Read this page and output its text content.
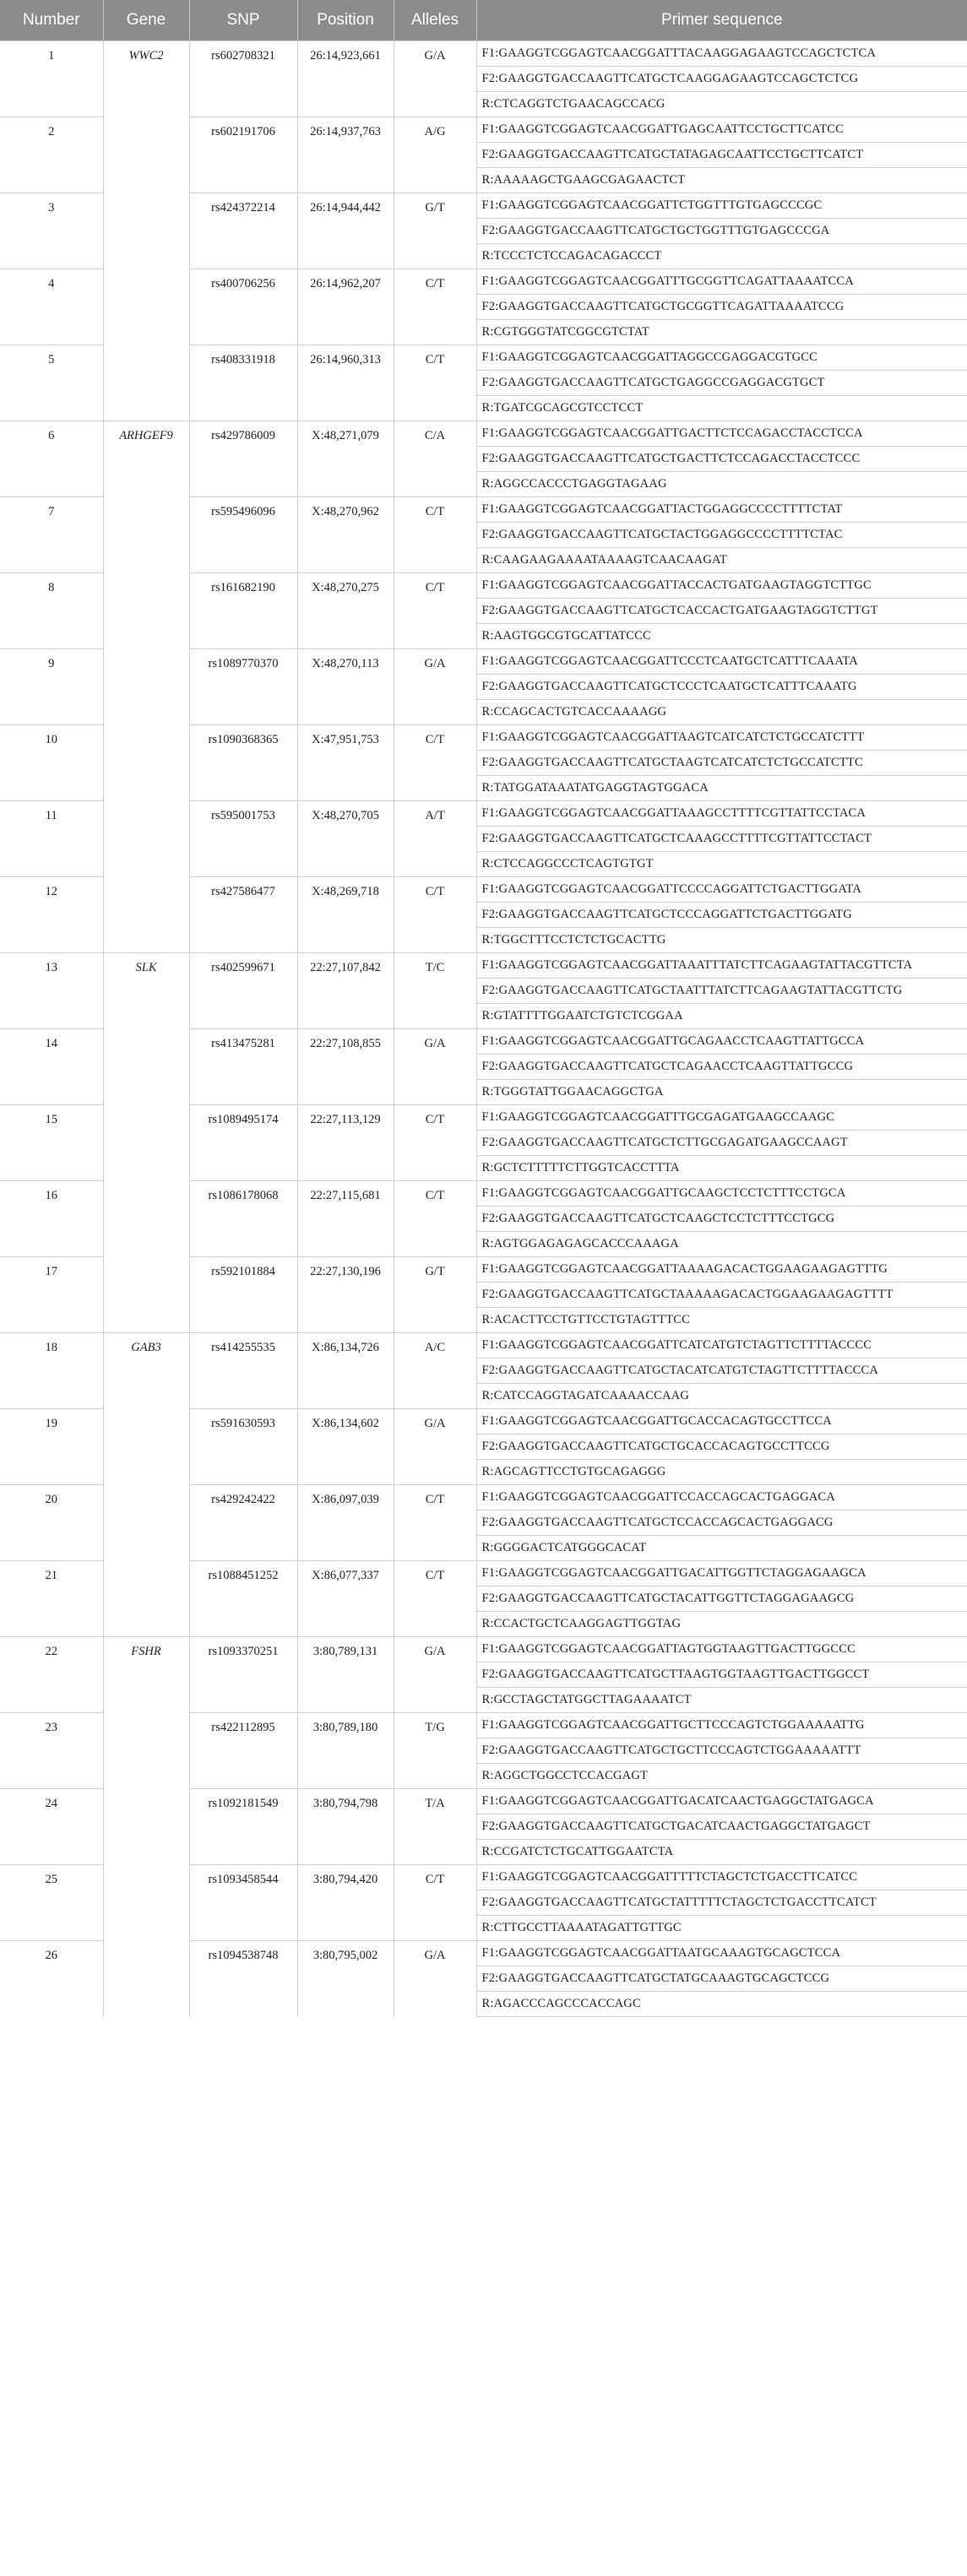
Number	Gene	SNP	Position	Alleles	Primer sequence
1	WWC2	rs602708321	26:14,923,661	G/A	F1:GAAGGTCGGAGTCAACGGATTTACAAGGAGAAGTCCAGCTCTCA
					F2:GAAGGTGACCAAGTTCATGCTCAAGGAGAAGTCCAGCTCTCG
					R:CTCAGGTCTGAACAGCCACG
2		rs602191706	26:14,937,763	A/G	F1:GAAGGTCGGAGTCAACGGATTGAGCAATTCCTGCTTCATCC
					F2:GAAGGTGACCAAGTTCATGCTATAGAGCAATTCCTGCTTCATCT
					R:AAAAAGCTGAAGCGAGAACTCT
3		rs424372214	26:14,944,442	G/T	F1:GAAGGTCGGAGTCAACGGATTCTGGTTTGTGAGCCCGC
					F2:GAAGGTGACCAAGTTCATGCTGCTGGTTTGTGAGCCCGA
					R:TCCCTCTCCAGACAGACCCT
4		rs400706256	26:14,962,207	C/T	F1:GAAGGTCGGAGTCAACGGATTTGCGGTTCAGATTAAAATCCA
					F2:GAAGGTGACCAAGTTCATGCTGCGGTTCAGATTAAAATCCG
					R:CGTGGGTATCGGCGTCTAT
5		rs408331918	26:14,960,313	C/T	F1:GAAGGTCGGAGTCAACGGATTAGGCCGAGGACGTGCC
					F2:GAAGGTGACCAAGTTCATGCTGAGGCCGAGGACGTGCT
					R:TGATCGCAGCGTCCTCCT
6	ARHGEF9	rs429786009	X:48,271,079	C/A	F1:GAAGGTCGGAGTCAACGGATTGACTTCTCCAGACCTACCTCCA
					F2:GAAGGTGACCAAGTTCATGCTGACTTCTCCAGACCTACCTCCC
					R:AGGCCACCCTGAGGTAGAAG
7		rs595496096	X:48,270,962	C/T	F1:GAAGGTCGGAGTCAACGGATTACTGGAGGCCCCTTTTCTAT
					F2:GAAGGTGACCAAGTTCATGCTACTGGAGGCCCCTTTTCTAC
					R:CAAGAAGAAAATAAAAGTCAACAAGAT
8		rs161682190	X:48,270,275	C/T	F1:GAAGGTCGGAGTCAACGGATTACCACTGATGAAGTAGGTCTTGC
					F2:GAAGGTGACCAAGTTCATGCTCACCACTGATGAAGTAGGTCTTGT
					R:AAGTGGCGTGCATTATCCC
9		rs1089770370	X:48,270,113	G/A	F1:GAAGGTCGGAGTCAACGGATTCCCTCAATGCTCATTTCAAATA
					F2:GAAGGTGACCAAGTTCATGCTCCCTCAATGCTCATTTCAAATG
					R:CCAGCACTGTCACCAAAAGG
10		rs1090368365	X:47,951,753	C/T	F1:GAAGGTCGGAGTCAACGGATTAAGTCATCATCTCTGCCATCTTT
					F2:GAAGGTGACCAAGTTCATGCTAAGTCATCATCTCTGCCATCTTC
					R:TATGGATAAATATGAGGTAGTGGACA
11		rs595001753	X:48,270,705	A/T	F1:GAAGGTCGGAGTCAACGGATTAAAGCCTTTTCGTTATTCCTACA
					F2:GAAGGTGACCAAGTTCATGCTCAAAGCCTTTTCGTTATTCCTACT
					R:CTCCAGGCCCTCAGTGTGT
12		rs427586477	X:48,269,718	C/T	F1:GAAGGTCGGAGTCAACGGATTCCCCAGGATTCTGACTTGGATA
					F2:GAAGGTGACCAAGTTCATGCTCCCAGGATTCTGACTTGGATG
					R:TGGCTTTCCTCTCTGCACTTG
13	SLK	rs402599671	22:27,107,842	T/C	F1:GAAGGTCGGAGTCAACGGATTAAATTTATCTTCAGAAGTATTACGTTCTA
					F2:GAAGGTGACCAAGTTCATGCTAATTTATCTTCAGAAGTATTACGTTCTG
					R:GTATTTTGGAATCTGTCTCGGAA
14		rs413475281	22:27,108,855	G/A	F1:GAAGGTCGGAGTCAACGGATTGCAGAACCTCAAGTTATTGCCA
					F2:GAAGGTGACCAAGTTCATGCTCAGAACCTCAAGTTATTGCCG
					R:TGGGTATTGGAACAGGCTGA
15		rs1089495174	22:27,113,129	C/T	F1:GAAGGTCGGAGTCAACGGATTTGCGAGATGAAGCCAAGC
					F2:GAAGGTGACCAAGTTCATGCTCTTGCGAGATGAAGCCAAGT
					R:GCTCTTTTTCTTGGTCACCTTTA
16		rs1086178068	22:27,115,681	C/T	F1:GAAGGTCGGAGTCAACGGATTGCAAGCTCCTCTTTCCTGCA
					F2:GAAGGTGACCAAGTTCATGCTCAAGCTCCTCTTTCCTGCG
					R:AGTGGAGAGAGCACCCAAAGA
17		rs592101884	22:27,130,196	G/T	F1:GAAGGTCGGAGTCAACGGATTAAAAGACACTGGAAGAAGAGTTTG
					F2:GAAGGTGACCAAGTTCATGCTAAAAAGACACTGGAAGAAGAGTTTT
					R:ACACTTCCTGTTCCTGTAGTTTCC
18	GAB3	rs414255535	X:86,134,726	A/C	F1:GAAGGTCGGAGTCAACGGATTCATCATGTCTAGTTCTTTTACCCC
					F2:GAAGGTGACCAAGTTCATGCTACATCATGTCTAGTTCTTTTACCCA
					R:CATCCAGGTAGATCAAAACCAAG
19		rs591630593	X:86,134,602	G/A	F1:GAAGGTCGGAGTCAACGGATTGCACCACAGTGCCTTCCA
					F2:GAAGGTGACCAAGTTCATGCTGCACCACAGTGCCTTCCG
					R:AGCAGTTCCTGTGCAGAGGG
20		rs429242422	X:86,097,039	C/T	F1:GAAGGTCGGAGTCAACGGATTCCACCAGCACTGAGGACA
					F2:GAAGGTGACCAAGTTCATGCTCCACCAGCACTGAGGACG
					R:GGGGACTCATGGGCACAT
21		rs1088451252	X:86,077,337	C/T	F1:GAAGGTCGGAGTCAACGGATTGACATTGGTTCTAGGAGAAGCA
					F2:GAAGGTGACCAAGTTCATGCTACATTGGTTCTAGGAGAAGCG
					R:CCACTGCTCAAGGAGTTGGTAG
22	FSHR	rs1093370251	3:80,789,131	G/A	F1:GAAGGTCGGAGTCAACGGATTAGTGGTAAGTTGACTTGGCCC
					F2:GAAGGTGACCAAGTTCATGCTTAAGTGGTAAGTTGACTTGGCCT
					R:GCCTAGCTATGGCTTAGAAAATCT
23		rs422112895	3:80,789,180	T/G	F1:GAAGGTCGGAGTCAACGGATTGCTTCCCAGTCTGGAAAAATTG
					F2:GAAGGTGACCAAGTTCATGCTGCTTCCCAGTCTGGAAAAATTT
					R:AGGCTGGCCTCCACGAGT
24		rs1092181549	3:80,794,798	T/A	F1:GAAGGTCGGAGTCAACGGATTGACATCAACTGAGGCTATGAGCA
					F2:GAAGGTGACCAAGTTCATGCTGACATCAACTGAGGCTATGAGCT
					R:CCGATCTCTGCATTGGAATCTA
25		rs1093458544	3:80,794,420	C/T	F1:GAAGGTCGGAGTCAACGGATTTTTCTAGCTCTGACCTTCATCC
					F2:GAAGGTGACCAAGTTCATGCTATTTTTCTAGCTCTGACCTTCATCT
					R:CTTGCCTTAAAATAGATTGTTGC
26		rs1094538748	3:80,795,002	G/A	F1:GAAGGTCGGAGTCAACGGATTAATGCAAAGTGCAGCTCCA
					F2:GAAGGTGACCAAGTTCATGCTATGCAAAGTGCAGCTCCG
					R:AGACCCAGCCCACCAGC
